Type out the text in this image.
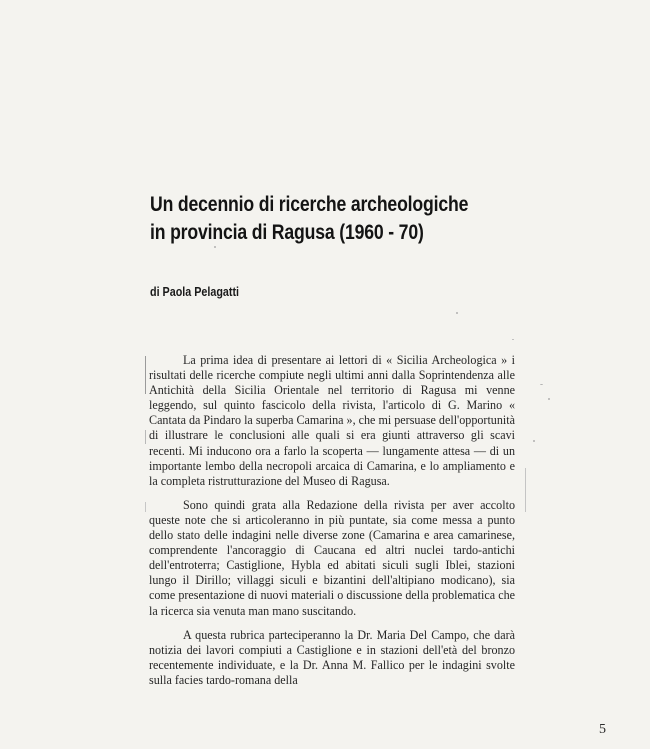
Un decennio di ricerche archeologiche
in provincia di Ragusa (1960 - 70)

di Paola Pelagatti

La prima idea di presentare ai lettori di « Sicilia Archeologica » i risultati delle ricerche compiute negli ultimi anni dalla Soprintendenza alle Antichità della Sicilia Orientale nel territorio di Ragusa mi venne leggendo, sul quinto fascicolo della rivista, l'articolo di G. Marino « Cantata da Pindaro la superba Camarina », che mi persuase dell'opportunità di illustrare le conclusioni alle quali si era giunti attraverso gli scavi recenti. Mi inducono ora a farlo la scoperta — lungamente attesa — di un importante lembo della necropoli arcaica di Camarina, e lo ampliamento e la completa ristrutturazione del Museo di Ragusa.

Sono quindi grata alla Redazione della rivista per aver accolto queste note che si articoleranno in più puntate, sia come messa a punto dello stato delle indagini nelle diverse zone (Camarina e area camarinese, comprendente l'ancoraggio di Caucana ed altri nuclei tardo-antichi dell'entroterra; Castiglione, Hybla ed abitati siculi sugli Iblei, stazioni lungo il Dirillo; villaggi siculi e bizantini dell'altipiano modicano), sia come presentazione di nuovi materiali o discussione della problematica che la ricerca sia venuta man mano suscitando.

A questa rubrica parteciperanno la Dr. Maria Del Campo, che darà notizia dei lavori compiuti a Castiglione e in stazioni dell'età del bronzo recentemente individuate, e la Dr. Anna M. Fallico per le indagini svolte sulla facies tardo-romana della

5
